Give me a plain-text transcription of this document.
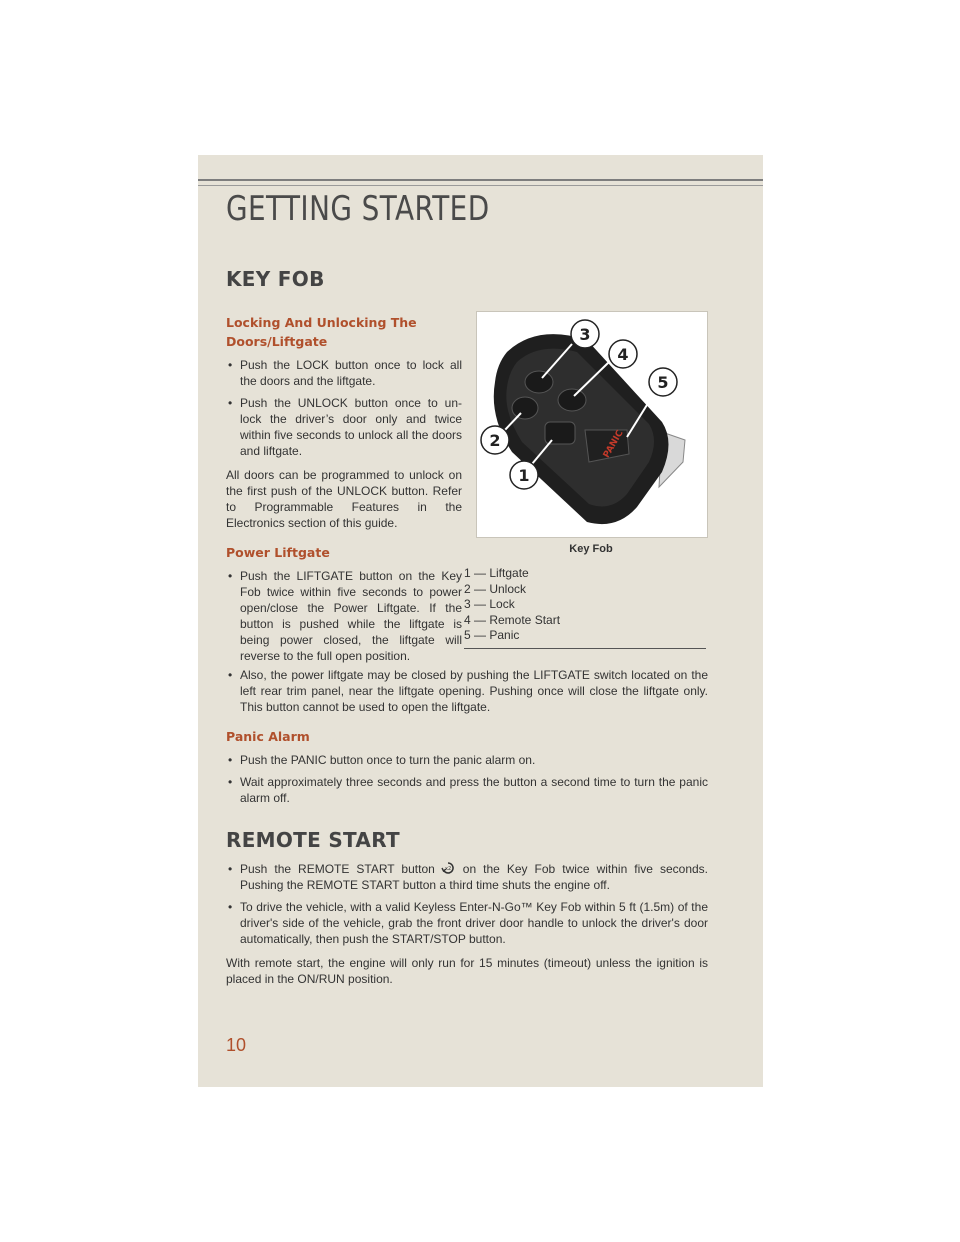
GETTING STARTED
KEY FOB
Locking And Unlocking The
Doors/Liftgate
• Push the LOCK button once to lock all the doors and the liftgate.
• Push the UNLOCK button once to un-lock the driver’s door only and twice within five seconds to unlock all the doors and liftgate.

All doors can be programmed to unlock on the first push of the UNLOCK button. Refer to Programmable Features in the Electronics section of this guide.

Power Liftgate
• Push the LIFTGATE button on the Key Fob twice within five seconds to power open/close the Power Liftgate. If the button is pushed while the liftgate is being power closed, the liftgate will reverse to the full open position.
• Also, the power liftgate may be closed by pushing the LIFTGATE switch located on the left rear trim panel, near the liftgate opening. Pushing once will close the liftgate only. This button cannot be used to open the liftgate.
Panic Alarm
• Push the PANIC button once to turn the panic alarm on.
• Wait approximately three seconds and press the button a second time to turn the panic alarm off.
PANIC
3
4
5
2
1
Key Fob
1 — Liftgate
2 — Unlock
3 — Lock
4 — Remote Start
5 — Panic
REMOTE START
• Push the REMOTE START button x2 on the Key Fob twice within five seconds. Pushing the REMOTE START button a third time shuts the engine off.
• To drive the vehicle, with a valid Keyless Enter-N-Go™ Key Fob within 5 ft (1.5m) of the driver's side of the vehicle, grab the front driver door handle to unlock the driver's door automatically, then push the START/STOP button.

With remote start, the engine will only run for 15 minutes (timeout) unless the ignition is placed in the ON/RUN position.

10
